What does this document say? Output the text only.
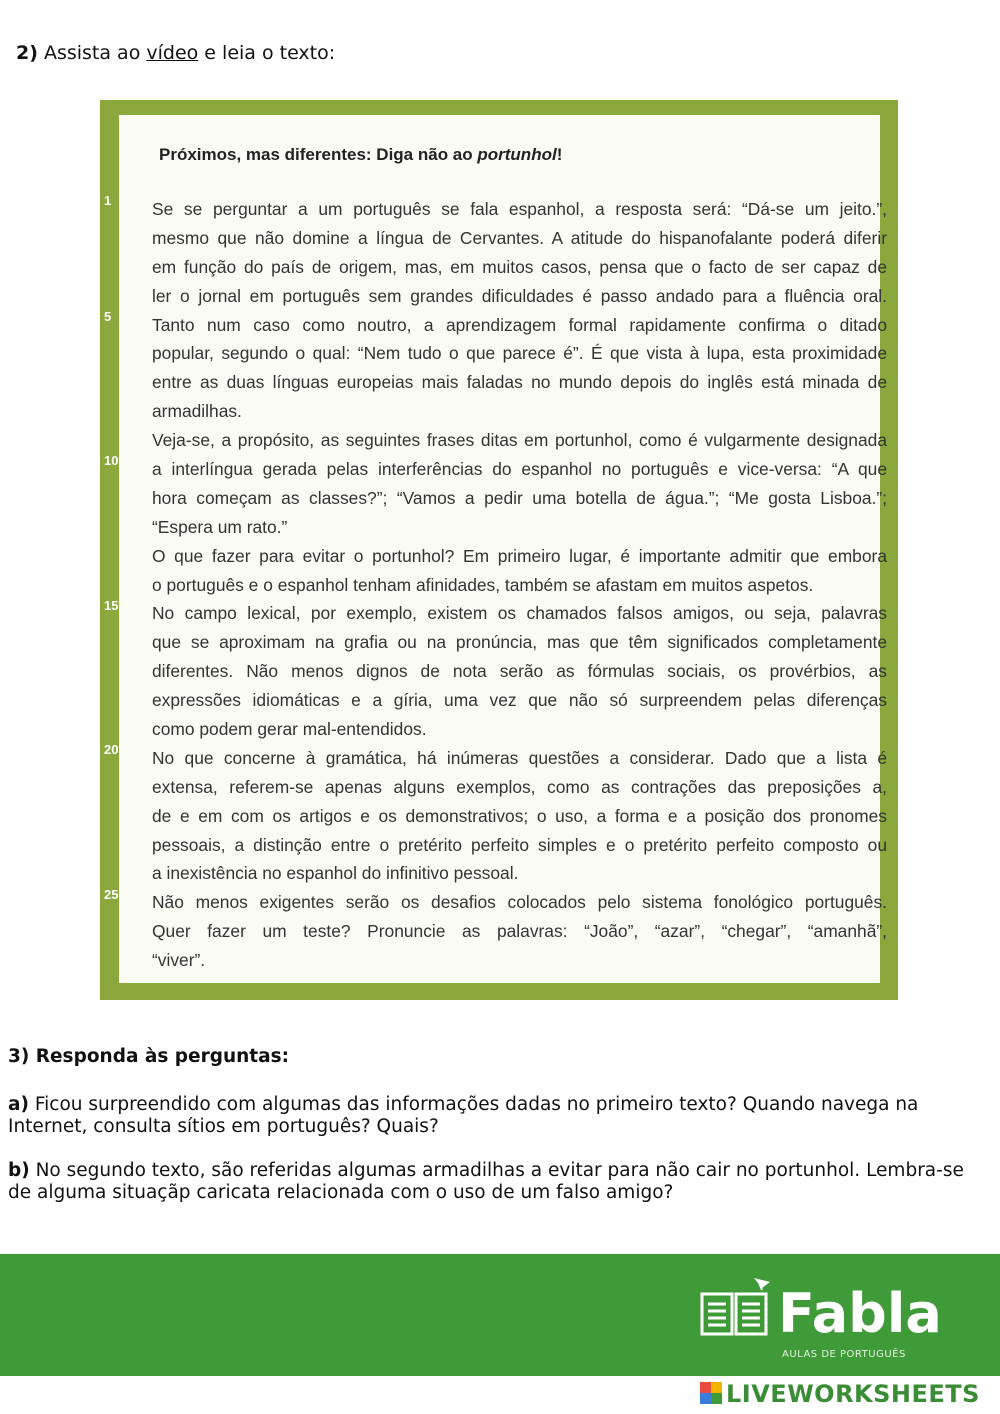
2) Assista ao vídeo e leia o texto:
Próximos, mas diferentes: Diga não ao portunhol!
Se se perguntar a um português se fala espanhol, a resposta será: “Dá-se um jeito.”,
mesmo que não domine a língua de Cervantes. A atitude do hispanofalante poderá diferir
em função do país de origem, mas, em muitos casos, pensa que o facto de ser capaz de
ler o jornal em português sem grandes dificuldades é passo andado para a fluência oral.
Tanto num caso como noutro, a aprendizagem formal rapidamente confirma o ditado
popular, segundo o qual: “Nem tudo o que parece é”. É que vista à lupa, esta proximidade
entre as duas línguas europeias mais faladas no mundo depois do inglês está minada de
armadilhas.
Veja-se, a propósito, as seguintes frases ditas em portunhol, como é vulgarmente designada
a interlíngua gerada pelas interferências do espanhol no português e vice-versa: “A que
hora começam as classes?”; “Vamos a pedir uma botella de água.”; “Me gosta Lisboa.”;
“Espera um rato.”
O que fazer para evitar o portunhol? Em primeiro lugar, é importante admitir que embora
o português e o espanhol tenham afinidades, também se afastam em muitos aspetos.
No campo lexical, por exemplo, existem os chamados falsos amigos, ou seja, palavras
que se aproximam na grafia ou na pronúncia, mas que têm significados completamente
diferentes. Não menos dignos de nota serão as fórmulas sociais, os provérbios, as
expressões idiomáticas e a gíria, uma vez que não só surpreendem pelas diferenças
como podem gerar mal-entendidos.
No que concerne à gramática, há inúmeras questões a considerar. Dado que a lista é
extensa, referem-se apenas alguns exemplos, como as contrações das preposições a,
de e em com os artigos e os demonstrativos; o uso, a forma e a posição dos pronomes
pessoais, a distinção entre o pretérito perfeito simples e o pretérito perfeito composto ou
a inexistência no espanhol do infinitivo pessoal.
Não menos exigentes serão os desafios colocados pelo sistema fonológico português.
Quer fazer um teste? Pronuncie as palavras: “João”, “azar”, “chegar”, “amanhã”,
“viver”.
1
5
10
15
20
25
3) Responda às perguntas:
a) Ficou surpreendido com algumas das informações dadas no primeiro texto? Quando navega na Internet, consulta sítios em português? Quais?
b) No segundo texto, são referidas algumas armadilhas a evitar para não cair no portunhol. Lembra-se de alguma situaçãp caricata relacionada com o uso de um falso amigo?
Fabla
AULAS DE PORTUGUÊS
LIVEWORKSHEETS
